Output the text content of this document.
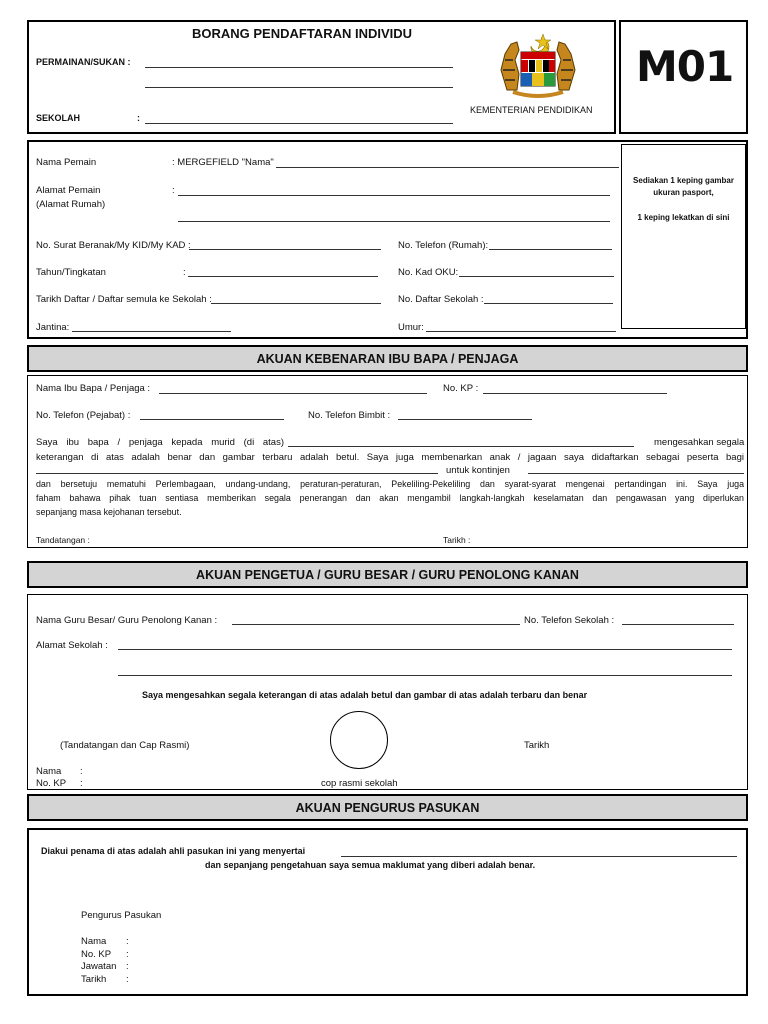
BORANG PENDAFTARAN INDIVIDU
PERMAINAN/SUKAN :
SEKOLAH	:
KEMENTERIAN PENDIDIKAN
M01
Nama Pemain	: MERGEFIELD "Nama"
Alamat Pemain
(Alamat Rumah)
:
No. Surat Beranak/My KID/My KAD :	No. Telefon (Rumah):
Tahun/Tingkatan	:	No. Kad OKU:
Tarikh Daftar / Daftar semula ke Sekolah :	No. Daftar Sekolah :
Jantina:	Umur:
Sediakan 1 keping gambar
ukuran pasport,
1 keping lekatkan di sini
AKUAN KEBENARAN IBU BAPA / PENJAGA
Nama Ibu Bapa / Penjaga :	No. KP :
No. Telefon (Pejabat) :	No. Telefon Bimbit :
Saya ibu bapa / penjaga kepada murid (di atas)	mengesahkan segala
keterangan di atas adalah benar dan gambar terbaru adalah betul. Saya juga membenarkan anak / jagaan saya didaftarkan sebagai peserta bagi
untuk kontinjen
dan bersetuju mematuhi Perlembagaan, undang-undang, peraturan-peraturan, Pekeliling-Pekeliling dan syarat-syarat mengenai pertandingan ini. Saya juga
faham bahawa pihak tuan sentiasa memberikan segala penerangan dan akan mengambil langkah-langkah keselamatan dan pengawasan yang diperlukan
sepanjang masa kejohanan tersebut.
Tandatangan :	Tarikh :
AKUAN PENGETUA / GURU BESAR / GURU PENOLONG KANAN
Nama Guru Besar/ Guru Penolong Kanan :	No. Telefon Sekolah :
Alamat Sekolah :
Saya mengesahkan segala keterangan di atas adalah betul dan gambar di atas adalah terbaru dan benar
(Tandatangan dan Cap Rasmi)	Tarikh
Nama :
No. KP :	cop rasmi sekolah
AKUAN PENGURUS PASUKAN
Diakui penama di atas adalah ahli pasukan ini yang menyertai
dan sepanjang pengetahuan saya semua maklumat yang diberi adalah benar.
Pengurus Pasukan
Nama :
No. KP :
Jawatan :
Tarikh :
